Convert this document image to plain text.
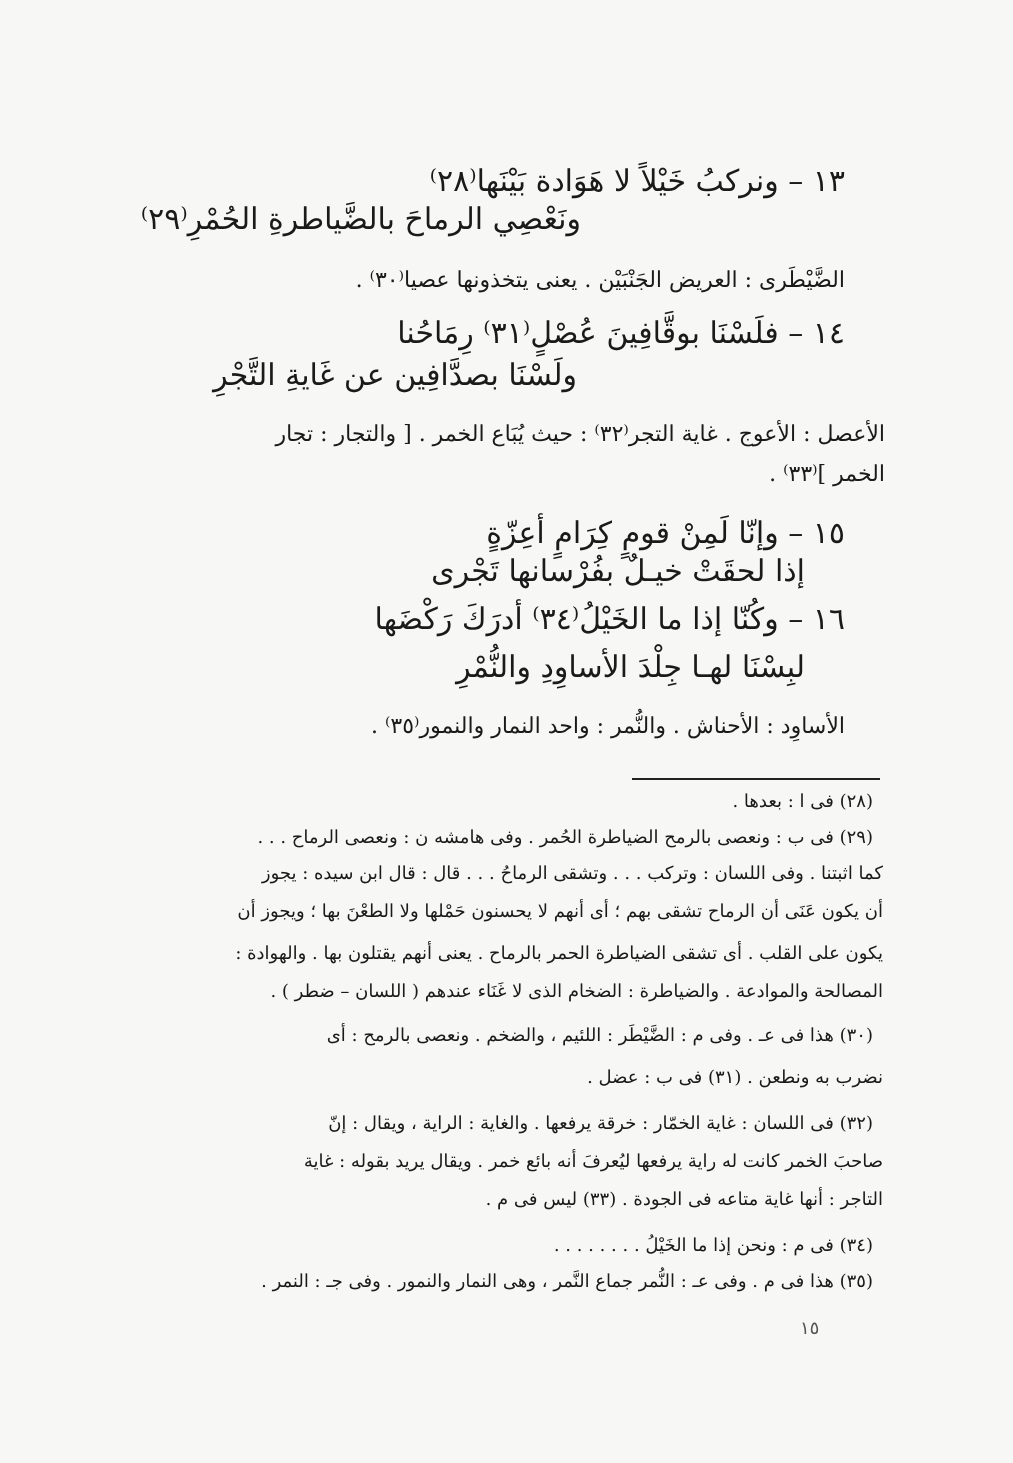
١٣ – ونركبُ خَيْلاً لا هَوَادة بَيْنَها⁽٢٨⁾
ونَعْصِي الرماحَ بالضَّياطرةِ الحُمْرِ⁽٢٩⁾
الضَّيْطَرى : العريض الجَنْبَيْن . يعنى يتخذونها عصيا⁽٣٠⁾ .
١٤ – فلَسْنَا بوقَّافِينَ عُصْلٍ⁽٣١⁾ رِمَاحُنا
ولَسْنَا بصدَّافِين عن غَايةِ التَّجْرِ
الأعصل : الأعوج . غاية التجر⁽٣٢⁾ : حيث يُبَاع الخمر . [ والتجار : تجار
الخمر ]⁽٣٣⁾ .
١٥ – وإنّا لَمِنْ قومٍ كِرَامٍ أعِزّةٍ
إذا لحقَتْ خيـلٌ بفُرْسانها تَجْرى
١٦ – وكُنّا إذا ما الخَيْلُ⁽٣٤⁾ أدرَكَ رَكْضَها
لبِسْنَا لهـا جِلْدَ الأساوِدِ والنُّمْرِ
الأساوِد : الأحناش . والنُّمر : واحد النمار والنمور⁽٣٥⁾ .
(٢٨) فى ا : بعدها .
(٢٩) فى ب : ونعصى بالرمح الضياطرة الحُمر . وفى هامشه ن : ونعصى الرماح . . .
كما اثبتنا . وفى اللسان : وتركب . . . وتشقى الرماحُ . . . قال : قال ابن سيده : يجوز
أن يكون عَنَى أن الرماح تشقى بهم ؛ أى أنهم لا يحسنون حَمْلها ولا الطعْنَ بها ؛ ويجوز أن
يكون على القلب . أى تشقى الضياطرة الحمر بالرماح . يعنى أنهم يقتلون بها . والهوادة :
المصالحة والموادعة . والضياطرة : الضخام الذى لا غَنَاء عندهم ( اللسان – ضطر ) .
(٣٠) هذا فى عـ . وفى م : الضَّيْطَر : اللئيم ، والضخم . ونعصى بالرمح : أى
نضرب به ونطعن . (٣١) فى ب : عضل .
(٣٢) فى اللسان : غاية الخمّار : خرقة يرفعها . والغاية : الراية ، ويقال : إنّ
صاحبَ الخمر كانت له راية يرفعها ليُعرفَ أنه بائع خمر . ويقال يريد بقوله : غاية
التاجر : أنها غاية متاعه فى الجودة . (٣٣) ليس فى م .
(٣٤) فى م : ونحن إذا ما الخَيْلُ . . . . . . . .
(٣٥) هذا فى م . وفى عـ : النُّمر جماع النَّمر ، وهى النمار والنمور . وفى جـ : النمر .
١٥
